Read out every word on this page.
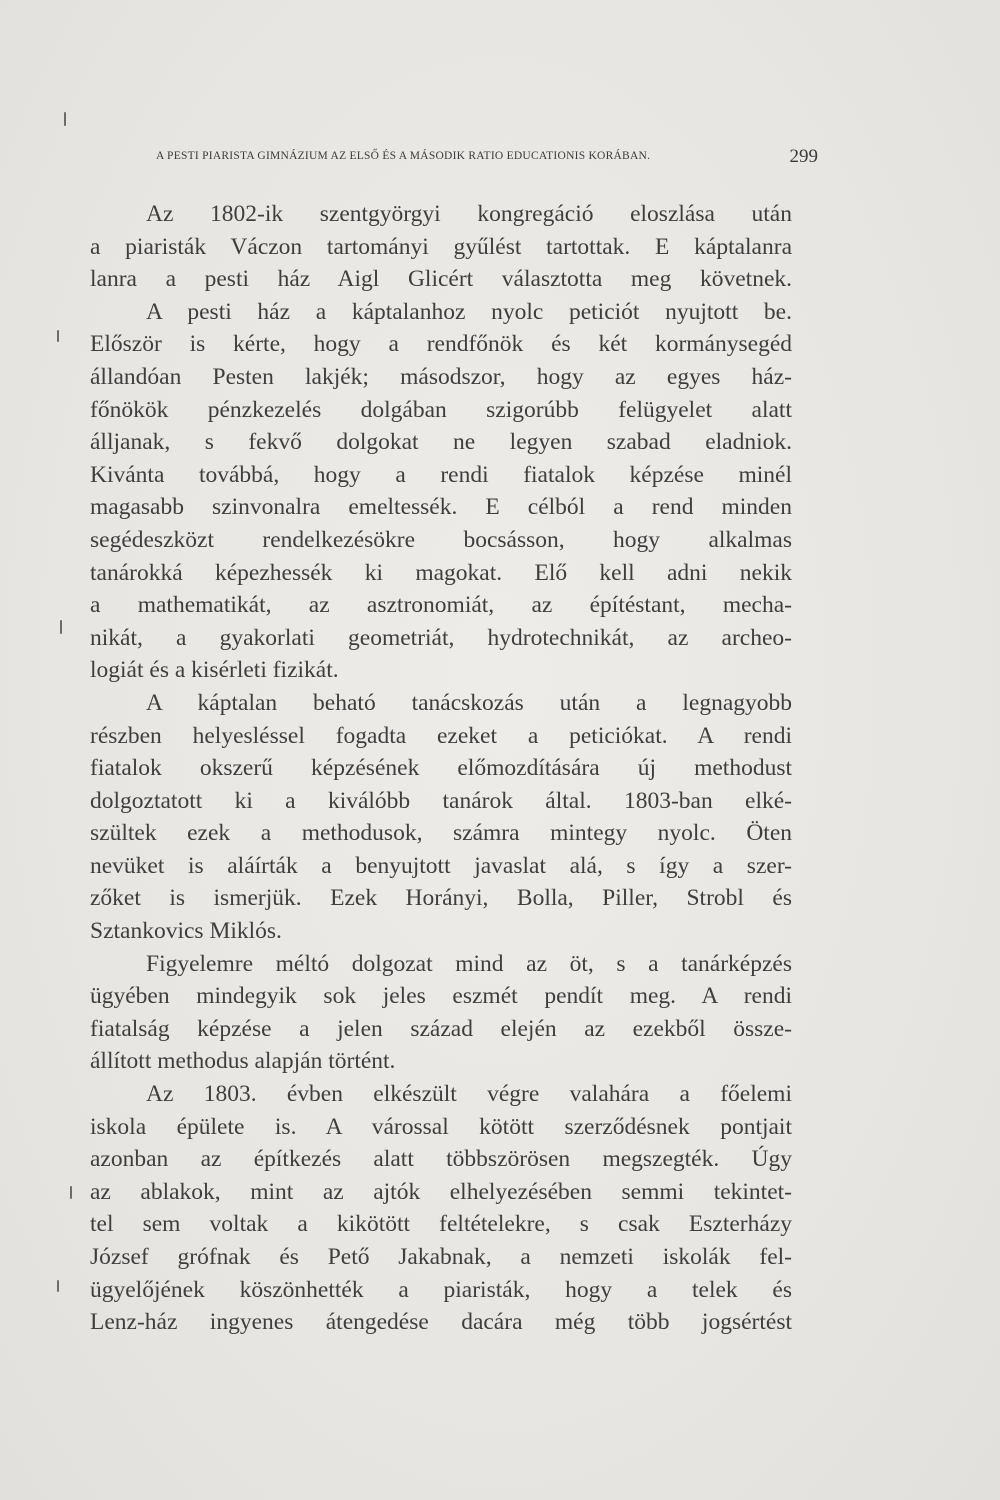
A PESTI PIARISTA GIMNÁZIUM AZ ELSŐ ÉS A MÁSODIK RATIO EDUCATIONIS KORÁBAN.	299
Az 1802-ik szentgyörgyi kongregáció eloszlása után
a piaristák Váczon tartományi gyűlést tartottak. E káptalanra
lanra a pesti ház Aigl Glicért választotta meg követnek.
A pesti ház a káptalanhoz nyolc peticiót nyujtott be.
Először is kérte, hogy a rendfőnök és két kormánysegéd
állandóan Pesten lakjék; másodszor, hogy az egyes ház-
főnökök pénzkezelés dolgában szigorúbb felügyelet alatt
álljanak, s fekvő dolgokat ne legyen szabad eladniok.
Kivánta továbbá, hogy a rendi fiatalok képzése minél
magasabb szinvonalra emeltessék. E célból a rend minden
segédeszközt rendelkezésökre bocsásson, hogy alkalmas
tanárokká képezhessék ki magokat. Elő kell adni nekik
a mathematikát, az asztronomiát, az építéstant, mecha-
nikát, a gyakorlati geometriát, hydrotechnikát, az archeo-
logiát és a kisérleti fizikát.
A káptalan beható tanácskozás után a legnagyobb
részben helyesléssel fogadta ezeket a peticiókat. A rendi
fiatalok okszerű képzésének előmozdítására új methodust
dolgoztatott ki a kiválóbb tanárok által. 1803-ban elké-
szültek ezek a methodusok, számra mintegy nyolc. Öten
nevüket is aláírták a benyujtott javaslat alá, s így a szer-
zőket is ismerjük. Ezek Horányi, Bolla, Piller, Strobl és
Sztankovics Miklós.
Figyelemre méltó dolgozat mind az öt, s a tanárképzés
ügyében mindegyik sok jeles eszmét pendít meg. A rendi
fiatalság képzése a jelen század elején az ezekből össze-
állított methodus alapján történt.
Az 1803. évben elkészült végre valahára a főelemi
iskola épülete is. A várossal kötött szerződésnek pontjait
azonban az építkezés alatt többszörösen megszegték. Úgy
az ablakok, mint az ajtók elhelyezésében semmi tekintet-
tel sem voltak a kikötött feltételekre, s csak Eszterházy
József grófnak és Pető Jakabnak, a nemzeti iskolák fel-
ügyelőjének köszönhették a piaristák, hogy a telek és
Lenz-ház ingyenes átengedése dacára még több jogsértést
